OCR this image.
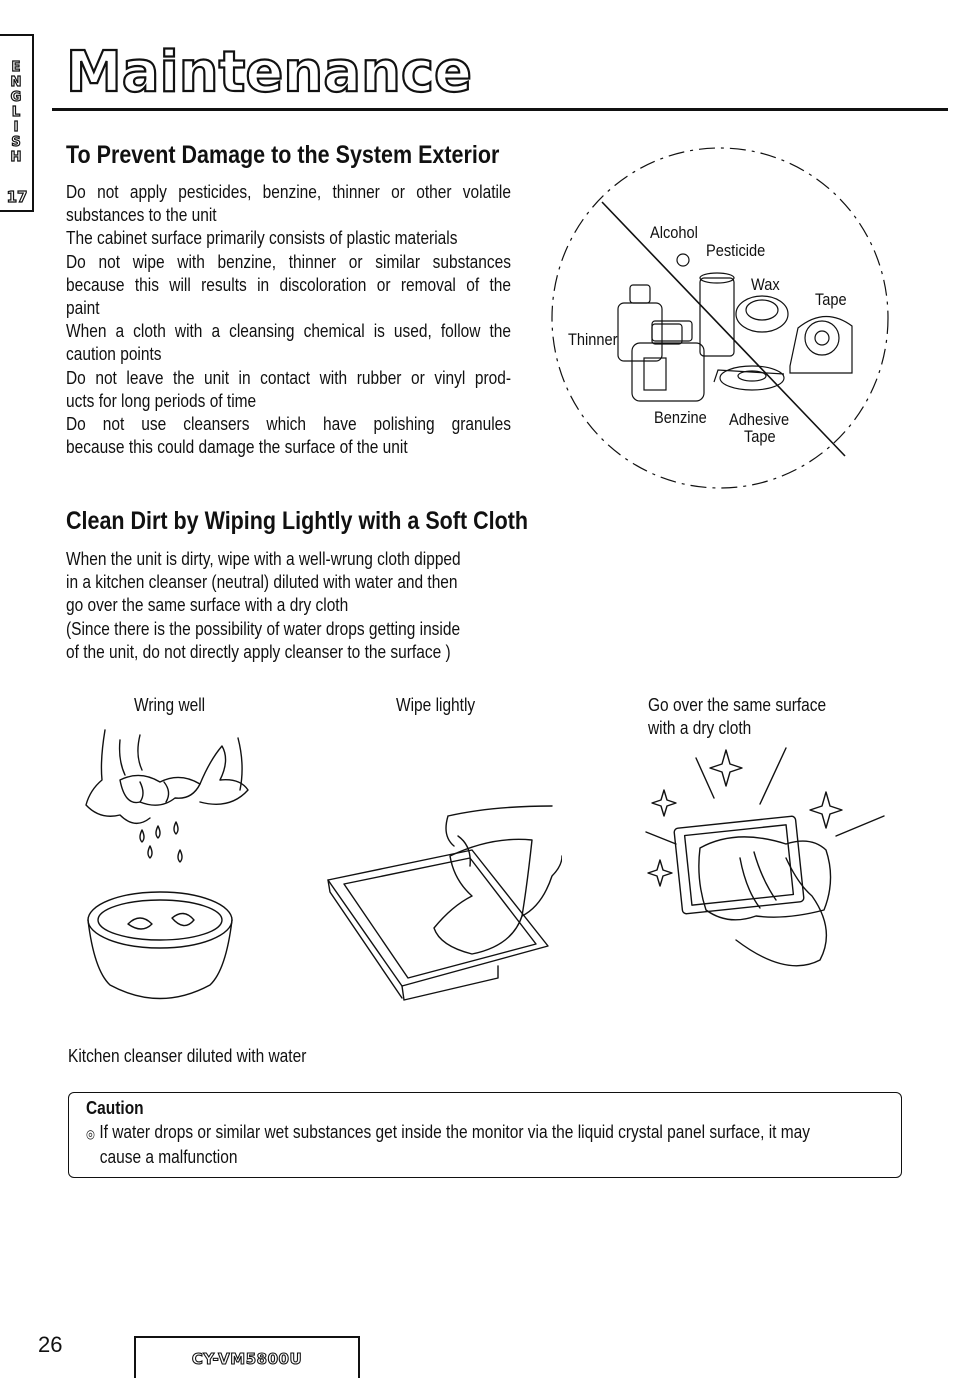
E
N
G
L
I
S
H
17
Maintenance
To Prevent Damage to the System Exterior
Do not apply pesticides, benzine, thinner or other volatile
substances to the unit
The cabinet surface primarily consists of plastic materials
Do not wipe with benzine, thinner or similar substances
because this will results in discoloration or removal of the
paint
When a cloth with a cleansing chemical is used, follow the
caution points
Do not leave the unit in contact with rubber or vinyl prod-
ucts for long periods of time
Do not use cleansers which have polishing granules
because this could damage the surface of the unit
Alcohol
Pesticide
Wax
Tape
Thinner
Benzine Adhesive
Tape
Clean Dirt by Wiping Lightly with a Soft Cloth
When the unit is dirty, wipe with a well-wrung cloth dipped
in a kitchen cleanser (neutral) diluted with water and then
go over the same surface with a dry cloth
(Since there is the possibility of water drops getting inside
of the unit, do not directly apply cleanser to the surface )
Wring well	Wipe lightly	Go over the same surface
with a dry cloth
Kitchen cleanser diluted with water
Caution
◎ If water drops or similar wet substances get inside the monitor via the liquid crystal panel surface, it may
cause a malfunction
26
CY-VM5800U
